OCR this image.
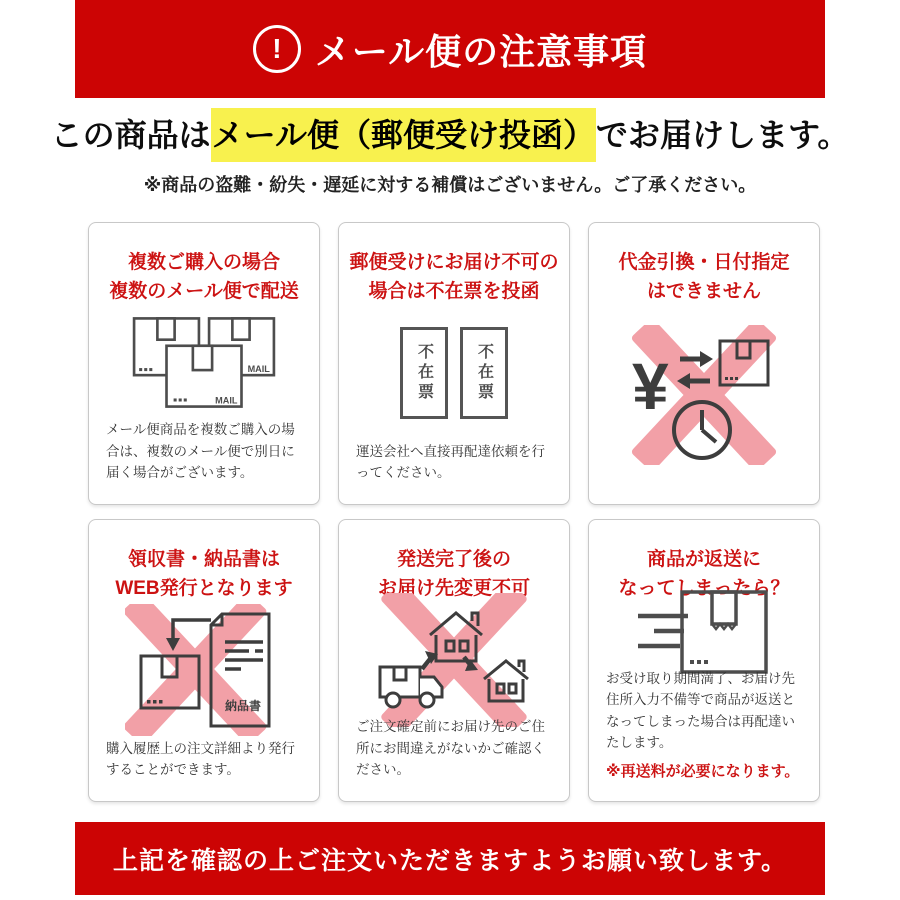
! メール便の注意事項
この商品はメール便（郵便受け投函）でお届けします。
※商品の盗難・紛失・遅延に対する補償はございません。ご了承ください。
複数ご購入の場合
複数のメール便で配送
MAIL
MAIL
メール便商品を複数ご購入の場合は、複数のメール便で別日に届く場合がございます。
郵便受けにお届け不可の
場合は不在票を投函
不在票	不在票
運送会社へ直接再配達依頼を行ってください。
代金引換・日付指定
はできません
¥
領収書・納品書は
WEB発行となります
納品書
購入履歴上の注文詳細より発行することができます。
発送完了後の
お届け先変更不可
ご注文確定前にお届け先のご住所にお間違えがないかご確認ください。
商品が返送に
なってしまったら？
お受け取り期間満了、お届け先住所入力不備等で商品が返送となってしまった場合は再配達いたします。
※再送料が必要になります。
上記を確認の上ご注文いただきますようお願い致します。
